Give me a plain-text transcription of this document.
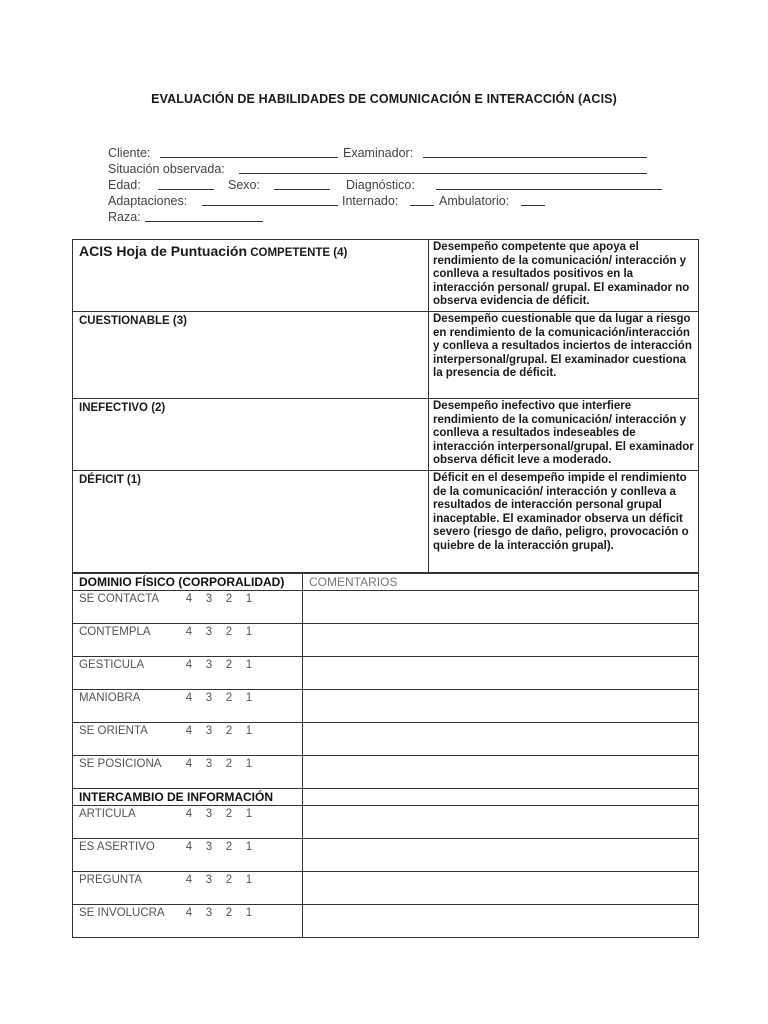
EVALUACIÓN DE HABILIDADES DE COMUNICACIÓN E INTERACCIÓN (ACIS)
Cliente:	Examinador:
Situación observada:
Edad:	Sexo:	Diagnóstico:
Adaptaciones:	Internado:	Ambulatorio:
Raza:
ACIS Hoja de Puntuación COMPETENTE (4)	Desempeño competente que apoya el rendimiento de la comunicación/ interacción y conlleva a resultados positivos en la interacción personal/ grupal. El examinador no observa evidencia de déficit.
CUESTIONABLE (3)	Desempeño cuestionable que da lugar a riesgo en rendimiento de la comunicación/interacción y conlleva a resultados inciertos de interacción interpersonal/grupal. El examinador cuestiona la presencia de déficit.
INEFECTIVO (2)	Desempeño inefectivo que interfiere rendimiento de la comunicación/ interacción y conlleva a resultados indeseables de interacción interpersonal/grupal. El examinador observa déficit leve a moderado.
DÉFICIT (1)	Déficit en el desempeño impide el rendimiento de la comunicación/ interacción y conlleva a resultados de interacción personal grupal inaceptable. El examinador observa un déficit severo (riesgo de daño, peligro, provocación o quiebre de la interacción grupal).
DOMINIO FÍSICO (CORPORALIDAD)	COMENTARIOS
SE CONTACTA 4 3 2 1	
CONTEMPLA 4 3 2 1	
GESTICULA 4 3 2 1	
MANIOBRA 4 3 2 1	
SE ORIENTA 4 3 2 1	
SE POSICIONA 4 3 2 1	
INTERCAMBIO DE INFORMACIÓN	
ARTICULA 4 3 2 1	
ES ASERTIVO 4 3 2 1	
PREGUNTA 4 3 2 1	
SE INVOLUCRA 4 3 2 1	
